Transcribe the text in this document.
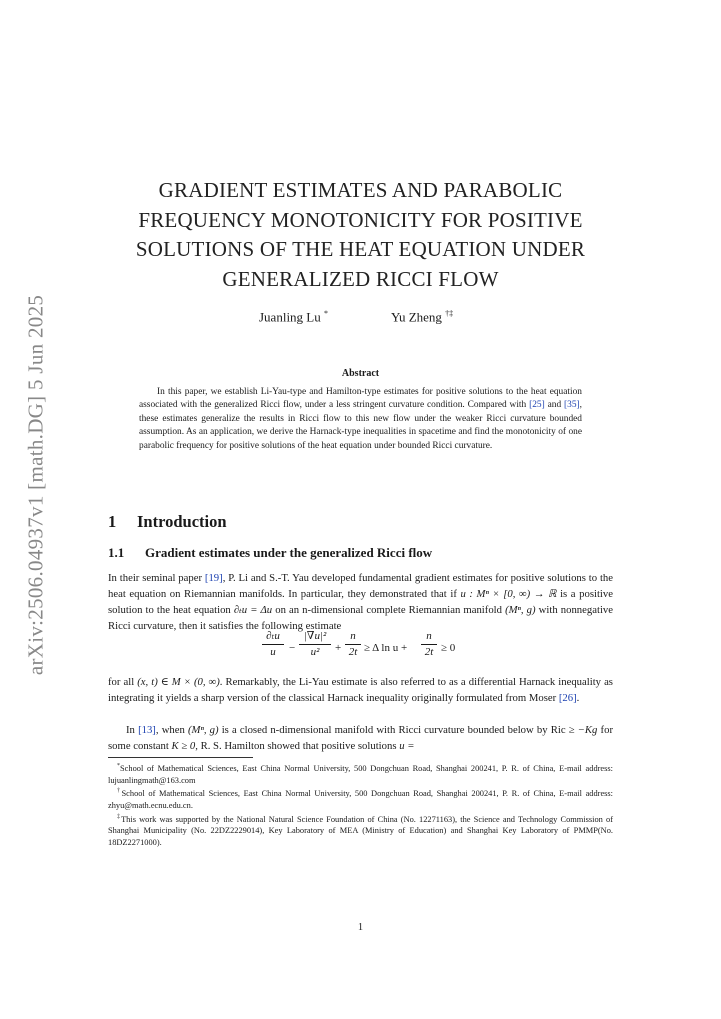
arXiv:2506.04937v1 [math.DG] 5 Jun 2025
GRADIENT ESTIMATES AND PARABOLIC
FREQUENCY MONOTONICITY FOR POSITIVE
SOLUTIONS OF THE HEAT EQUATION UNDER
GENERALIZED RICCI FLOW
Juanling Lu *	Yu Zheng †‡
Abstract
In this paper, we establish Li-Yau-type and Hamilton-type estimates for positive solutions to the heat equation associated with the generalized Ricci flow, under a less stringent curvature condition. Compared with [25] and [35], these estimates generalize the results in Ricci flow to this new flow under the weaker Ricci curvature bounded assumption. As an application, we derive the Harnack-type inequalities in spacetime and find the monotonicity of one parabolic frequency for positive solutions of the heat equation under bounded Ricci curvature.
1 Introduction
1.1 Gradient estimates under the generalized Ricci flow
In their seminal paper [19], P. Li and S.-T. Yau developed fundamental gradient estimates for positive solutions to the heat equation on Riemannian manifolds. In particular, they demonstrated that if u : Mⁿ × [0, ∞) → ℝ is a positive solution to the heat equation ∂ₜu = Δu on an n-dimensional complete Riemannian manifold (Mⁿ, g) with nonnegative Ricci curvature, then it satisfies the following estimate
∂ₜu
u	−
|∇u|²
u²	+
n
2t ≥ Δ ln u +
n
2t ≥ 0
for all (x, t) ∈ M × (0, ∞). Remarkably, the Li-Yau estimate is also referred to as a differential Harnack inequality as integrating it yields a sharp version of the classical Harnack inequality originally formulated from Moser [26].
In [13], when (Mⁿ, g) is a closed n-dimensional manifold with Ricci curvature bounded below by Ric ≥ −Kg for some constant K ≥ 0, R. S. Hamilton showed that positive solutions u =

*School of Mathematical Sciences, East China Normal University, 500 Dongchuan Road, Shanghai 200241, P. R. of China, E-mail address: lujuanlingmath@163.com

†School of Mathematical Sciences, East China Normal University, 500 Dongchuan Road, Shanghai 200241, P. R. of China, E-mail address: zhyu@math.ecnu.edu.cn.

‡This work was supported by the National Natural Science Foundation of China (No. 12271163), the Science and Technology Commission of Shanghai Municipality (No. 22DZ2229014), Key Laboratory of MEA (Ministry of Education) and Shanghai Key Laboratory of PMMP(No. 18DZ2271000).

1
